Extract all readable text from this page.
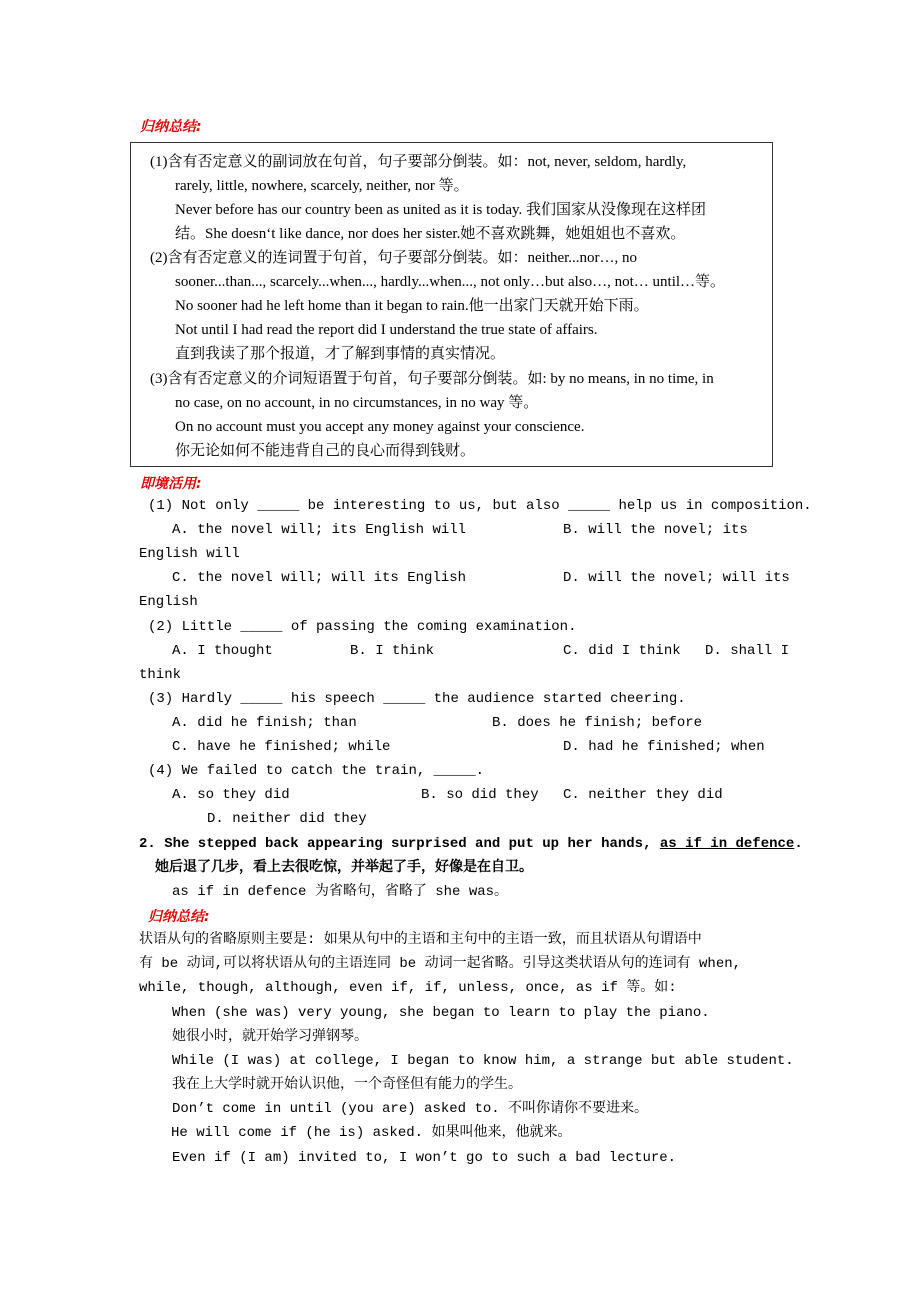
归纳总结:
(1)含有否定意义的副词放在句首，句子要部分倒装。如：not, never, seldom, hardly,
rarely, little, nowhere, scarcely, neither, nor 等。
Never before has our country been as united as it is today. 我们国家从没像现在这样团
结。She doesn‘t like dance, nor does her sister.她不喜欢跳舞，她姐姐也不喜欢。
(2)含有否定意义的连词置于句首，句子要部分倒装。如：neither...nor…, no
sooner...than..., scarcely...when..., hardly...when..., not only…but also…, not… until…等。
No sooner had he left home than it began to rain.他一出家门天就开始下雨。
Not until I had read the report did I understand the true state of affairs.
直到我读了那个报道，才了解到事情的真实情况。
(3)含有否定意义的介词短语置于句首，句子要部分倒装。如: by no means, in no time, in
no case, on no account, in no circumstances, in no way 等。
On no account must you accept any money against your conscience.
你无论如何不能违背自己的良心而得到钱财。
即境活用:
(1) Not only _____ be interesting to us, but also _____ help us in composition.
A. the novel will; its English will	B. will the novel; its
English will
C. the novel will; will its English	D. will the novel; will its
English
(2) Little _____ of passing the coming examination.
A. I thought	B. I think	C. did I think D. shall I
think
(3) Hardly _____ his speech _____ the audience started cheering.
A. did he finish; than	B. does he finish; before
C. have he finished; while	D. had he finished; when
(4) We failed to catch the train, _____.
A. so they did	B. so did they C. neither they did
D. neither did they
2. She stepped back appearing surprised and put up her hands, as if in defence.
她后退了几步，看上去很吃惊，并举起了手，好像是在自卫。
as if in defence 为省略句，省略了 she was。
归纳总结:
状语从句的省略原则主要是: 如果从句中的主语和主句中的主语一致，而且状语从句谓语中
有 be 动词,可以将状语从句的主语连同 be 动词一起省略。引导这类状语从句的连词有 when,
while, though, although, even if, if, unless, once, as if 等。如:
When (she was) very young, she began to learn to play the piano.
她很小时，就开始学习弹钢琴。
While (I was) at college, I began to know him, a strange but able student.
我在上大学时就开始认识他，一个奇怪但有能力的学生。
Don’t come in until (you are) asked to. 不叫你请你不要进来。
He will come if (he is) asked. 如果叫他来，他就来。
Even if (I am) invited to, I won’t go to such a bad lecture.
